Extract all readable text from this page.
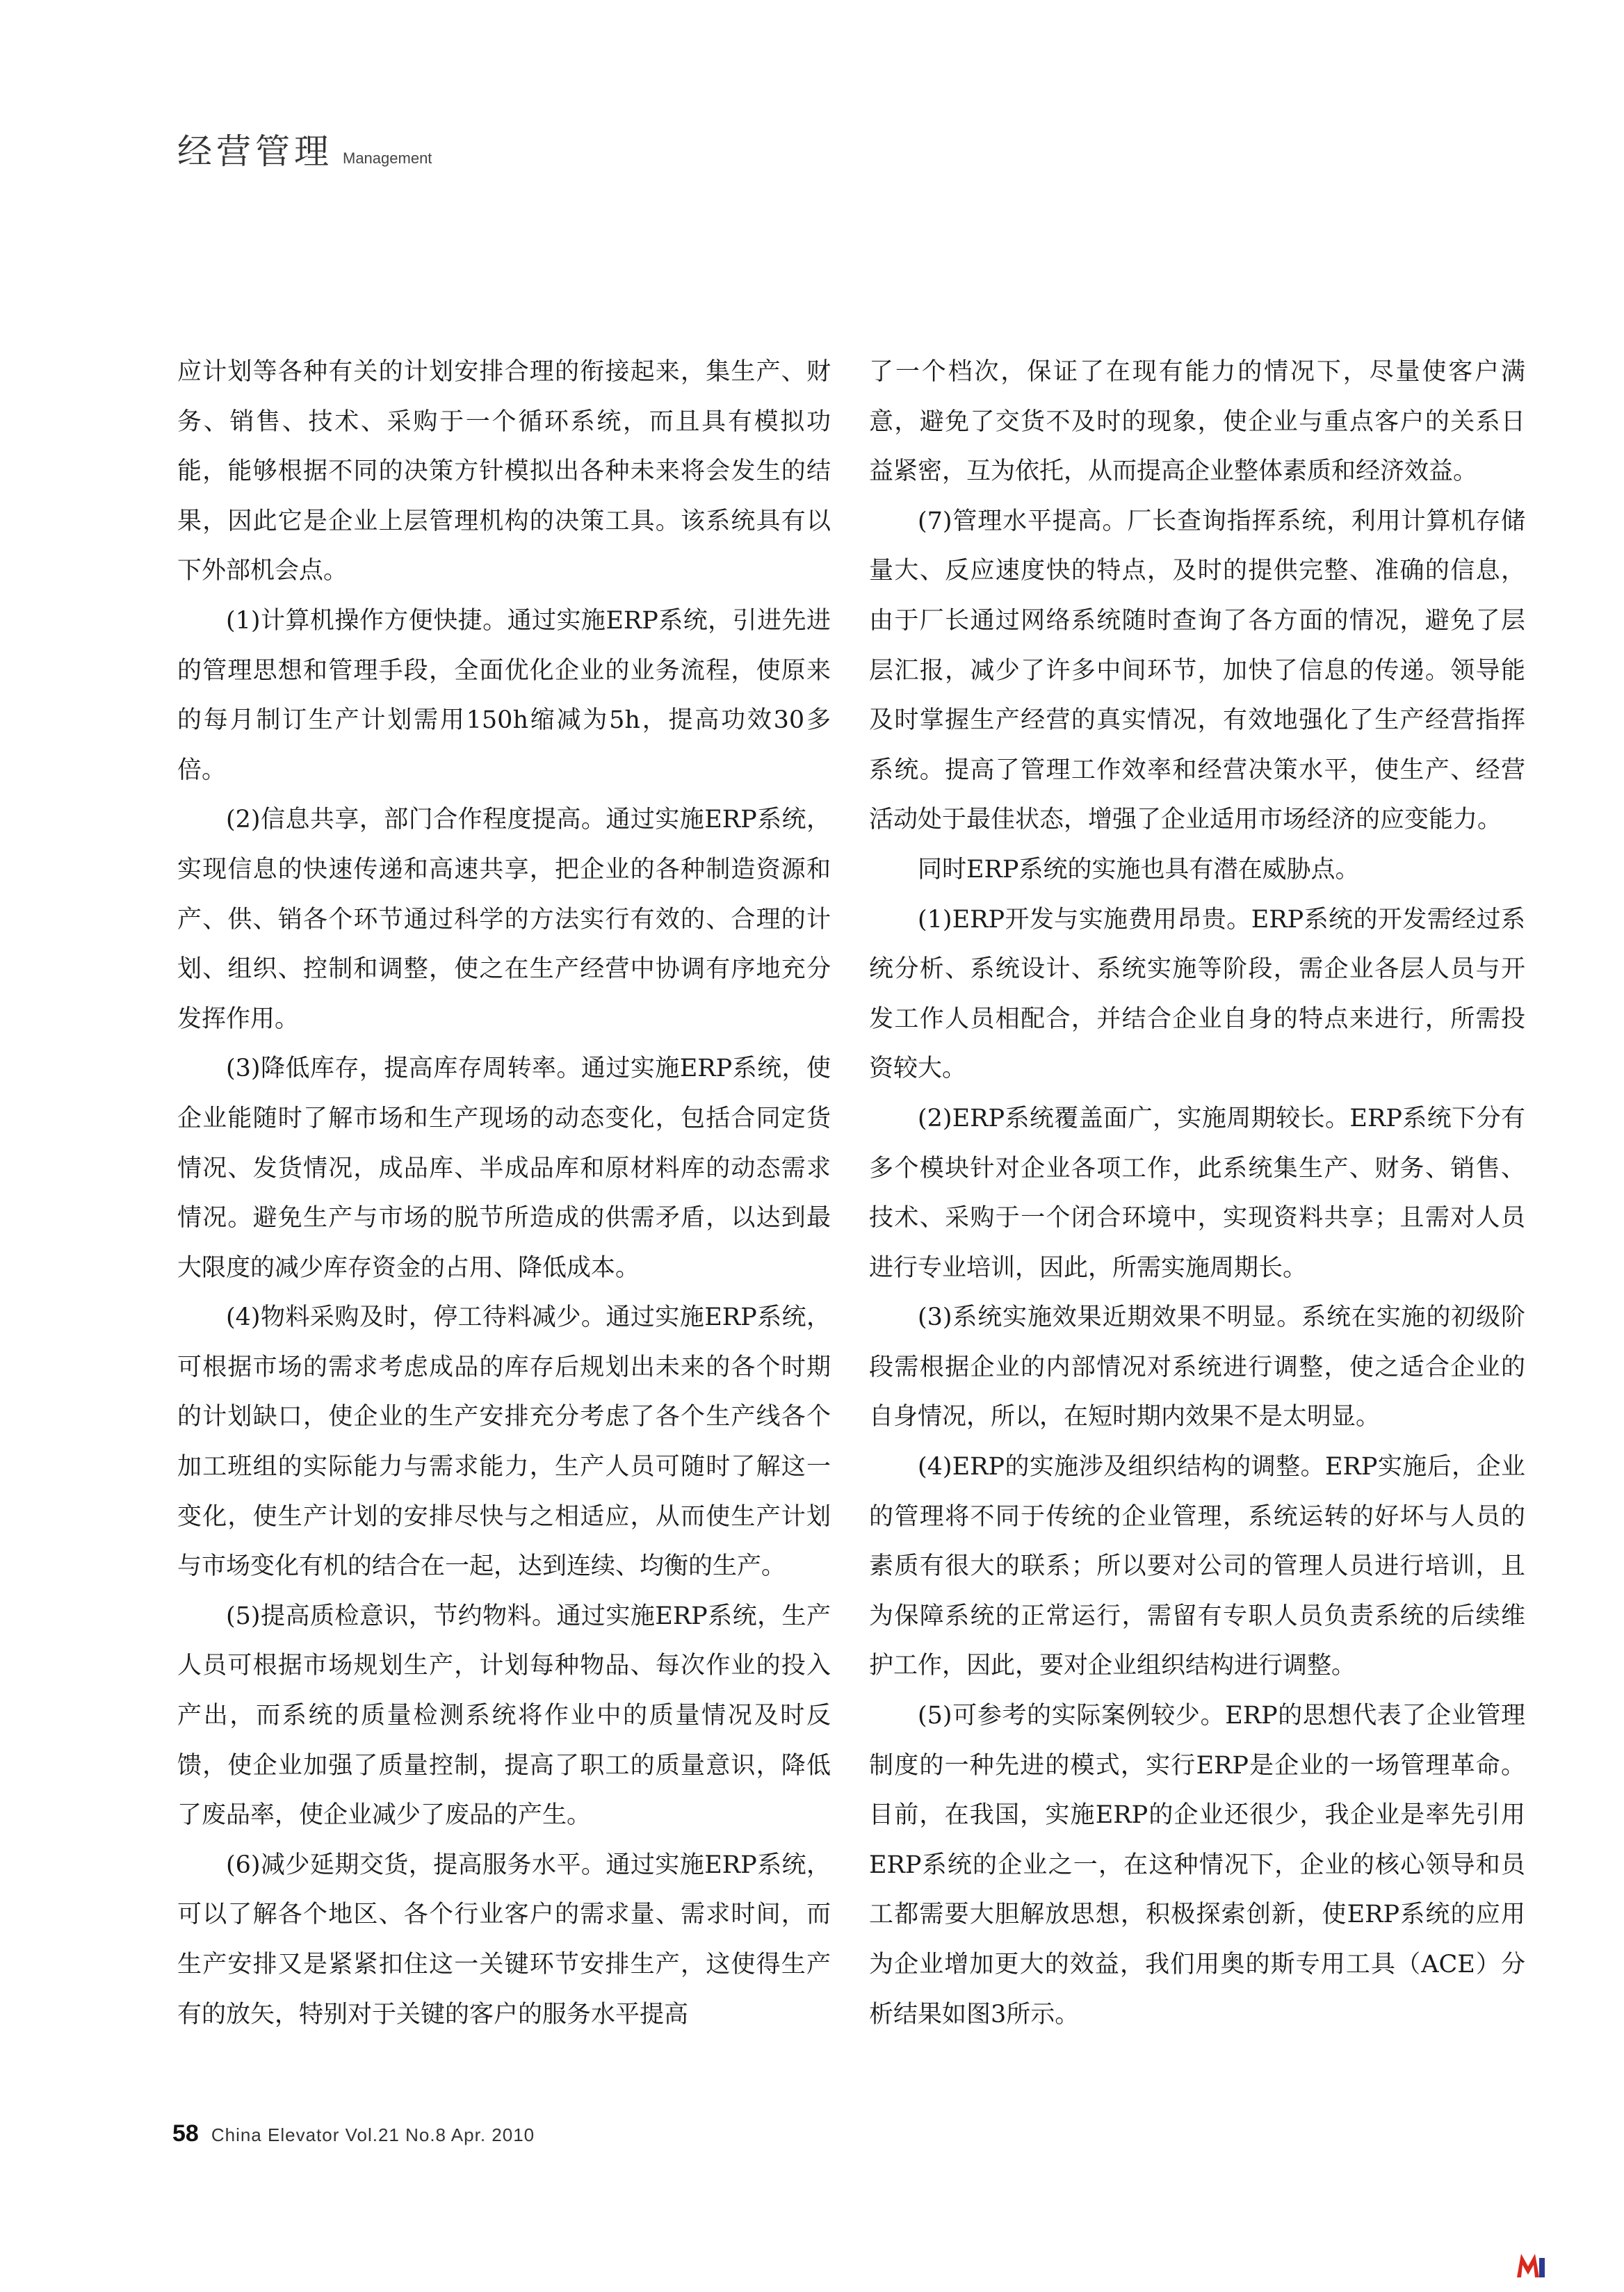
经营管理 Management

应计划等各种有关的计划安排合理的衔接起来，集生产、财务、销售、技术、采购于一个循环系统，而且具有模拟功能，能够根据不同的决策方针模拟出各种未来将会发生的结果，因此它是企业上层管理机构的决策工具。该系统具有以下外部机会点。

(1)计算机操作方便快捷。通过实施ERP系统，引进先进的管理思想和管理手段，全面优化企业的业务流程，使原来的每月制订生产计划需用150h缩减为5h，提高功效30多倍。

(2)信息共享，部门合作程度提高。通过实施ERP系统，实现信息的快速传递和高速共享，把企业的各种制造资源和产、供、销各个环节通过科学的方法实行有效的、合理的计划、组织、控制和调整，使之在生产经营中协调有序地充分发挥作用。

(3)降低库存，提高库存周转率。通过实施ERP系统，使企业能随时了解市场和生产现场的动态变化，包括合同定货情况、发货情况，成品库、半成品库和原材料库的动态需求情况。避免生产与市场的脱节所造成的供需矛盾，以达到最大限度的减少库存资金的占用、降低成本。

(4)物料采购及时，停工待料减少。通过实施ERP系统，可根据市场的需求考虑成品的库存后规划出未来的各个时期的计划缺口，使企业的生产安排充分考虑了各个生产线各个加工班组的实际能力与需求能力，生产人员可随时了解这一变化，使生产计划的安排尽快与之相适应，从而使生产计划与市场变化有机的结合在一起，达到连续、均衡的生产。

(5)提高质检意识，节约物料。通过实施ERP系统，生产人员可根据市场规划生产，计划每种物品、每次作业的投入产出，而系统的质量检测系统将作业中的质量情况及时反馈，使企业加强了质量控制，提高了职工的质量意识，降低了废品率，使企业减少了废品的产生。

(6)减少延期交货，提高服务水平。通过实施ERP系统，可以了解各个地区、各个行业客户的需求量、需求时间，而生产安排又是紧紧扣住这一关键环节安排生产，这使得生产有的放矢，特别对于关键的客户的服务水平提高

了一个档次，保证了在现有能力的情况下，尽量使客户满意，避免了交货不及时的现象，使企业与重点客户的关系日益紧密，互为依托，从而提高企业整体素质和经济效益。

(7)管理水平提高。厂长查询指挥系统，利用计算机存储量大、反应速度快的特点，及时的提供完整、准确的信息，由于厂长通过网络系统随时查询了各方面的情况，避免了层层汇报，减少了许多中间环节，加快了信息的传递。领导能及时掌握生产经营的真实情况，有效地强化了生产经营指挥系统。提高了管理工作效率和经营决策水平，使生产、经营活动处于最佳状态，增强了企业适用市场经济的应变能力。

同时ERP系统的实施也具有潜在威胁点。

(1)ERP开发与实施费用昂贵。ERP系统的开发需经过系统分析、系统设计、系统实施等阶段，需企业各层人员与开发工作人员相配合，并结合企业自身的特点来进行，所需投资较大。

(2)ERP系统覆盖面广，实施周期较长。ERP系统下分有多个模块针对企业各项工作，此系统集生产、财务、销售、技术、采购于一个闭合环境中，实现资料共享；且需对人员进行专业培训，因此，所需实施周期长。

(3)系统实施效果近期效果不明显。系统在实施的初级阶段需根据企业的内部情况对系统进行调整，使之适合企业的自身情况，所以，在短时期内效果不是太明显。

(4)ERP的实施涉及组织结构的调整。ERP实施后，企业的管理将不同于传统的企业管理，系统运转的好坏与人员的素质有很大的联系；所以要对公司的管理人员进行培训，且为保障系统的正常运行，需留有专职人员负责系统的后续维护工作，因此，要对企业组织结构进行调整。

(5)可参考的实际案例较少。ERP的思想代表了企业管理制度的一种先进的模式，实行ERP是企业的一场管理革命。目前，在我国，实施ERP的企业还很少，我企业是率先引用ERP系统的企业之一，在这种情况下，企业的核心领导和员工都需要大胆解放思想，积极探索创新，使ERP系统的应用为企业增加更大的效益，我们用奥的斯专用工具（ACE）分析结果如图3所示。

58 China Elevator Vol.21 No.8 Apr. 2010
